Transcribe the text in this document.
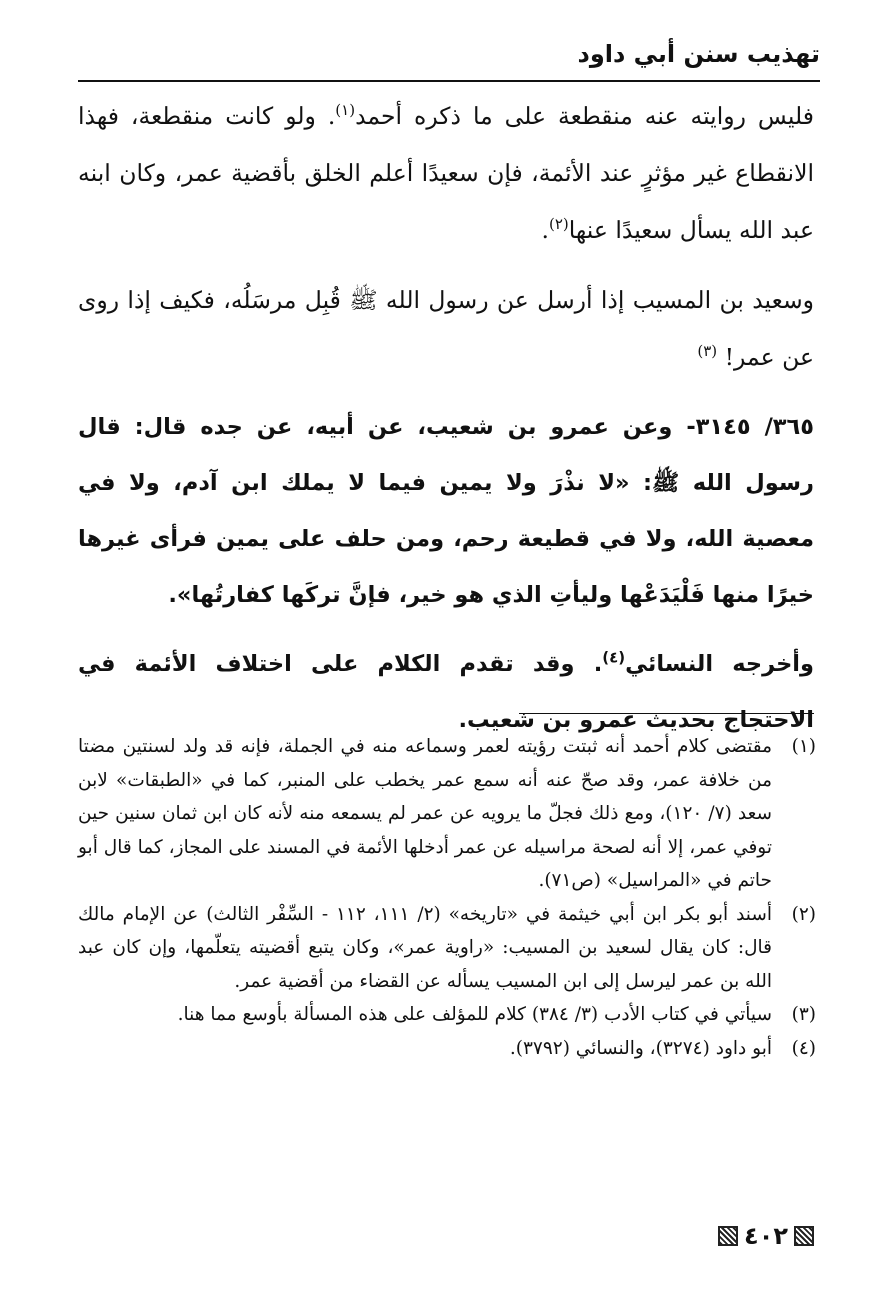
تهذيب سنن أبي داود

فليس روايته عنه منقطعة على ما ذكره أحمد$^{(١)}$. ولو كانت منقطعة، فهذا الانقطاع غير مؤثرٍ عند الأئمة، فإن سعيدًا أعلم الخلق بأقضية عمر، وكان ابنه عبد الله يسأل سعيدًا عنها$^{(٢)}$.

وسعيد بن المسيب إذا أرسل عن رسول الله ﷺ قُبِل مرسَلُه، فكيف إذا روى عن عمر! $^{(٣)}$

٣٦٥/ ٣١٤٥- وعن عمرو بن شعيب، عن أبيه، عن جده قال: قال رسول الله ﷺ: «لا نذْرَ ولا يمين فيما لا يملك ابن آدم، ولا في معصية الله، ولا في قطيعة رحم، ومن حلف على يمين فرأى غيرها خيرًا منها فَلْيَدَعْها وليأتِ الذي هو خير، فإنَّ تركَها كفارتُها».

وأخرجه النسائي$^{(٤)}$. وقد تقدم الكلام على اختلاف الأئمة في الاحتجاج بحديث عمرو بن شعيب.

(١)
مقتضى كلام أحمد أنه ثبتت رؤيته لعمر وسماعه منه في الجملة، فإنه قد ولد لسنتين مضتا من خلافة عمر، وقد صحّ عنه أنه سمع عمر يخطب على المنبر، كما في «الطبقات» لابن سعد (٧/ ١٢٠)، ومع ذلك فجلّ ما يرويه عن عمر لم يسمعه منه لأنه كان ابن ثمان سنين حين توفي عمر، إلا أنه لصحة مراسيله عن عمر أدخلها الأئمة في المسند على المجاز، كما قال أبو حاتم في «المراسيل» (ص٧١).
(٢)
أسند أبو بكر ابن أبي خيثمة في «تاريخه» (٢/ ١١١، ١١٢ - السِّفْر الثالث) عن الإمام مالك قال: كان يقال لسعيد بن المسيب: «راوية عمر»، وكان يتبع أقضيته يتعلّمها، وإن كان عبد الله بن عمر ليرسل إلى ابن المسيب يسأله عن القضاء من أقضية عمر.
(٣)
سيأتي في كتاب الأدب (٣/ ٣٨٤) كلام للمؤلف على هذه المسألة بأوسع مما هنا.
(٤)
أبو داود (٣٢٧٤)، والنسائي (٣٧٩٢).
٤٠٢
